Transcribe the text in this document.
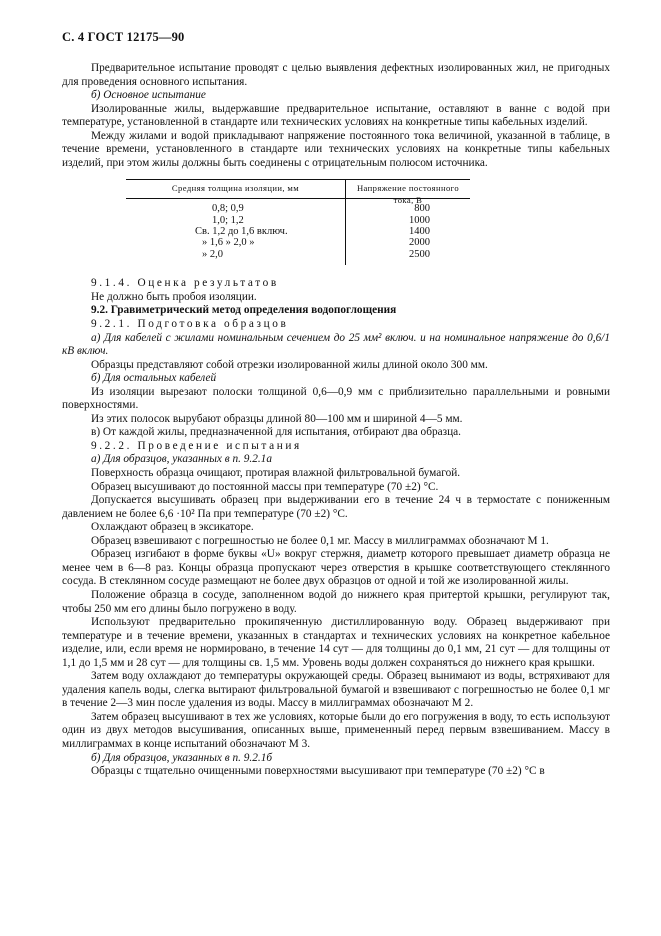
С. 4 ГОСТ 12175—90

Предварительное испытание проводят с целью выявления дефектных изолированных жил, не пригодных для проведения основного испытания.

б) Основное испытание

Изолированные жилы, выдержавшие предварительное испытание, оставляют в ванне с водой при температуре, установленной в стандарте или технических условиях на конкретные типы кабельных изделий.

Между жилами и водой прикладывают напряжение постоянного тока величиной, указанной в таблице, в течение времени, установленного в стандарте или технических условиях на конкретные типы кабельных изделий, при этом жилы должны быть соединены с отрицательным полюсом источника.

Средняя толщина изоляции, мм	Напряжение постоянного тока, В
0,8; 0,9
1,0; 1,2
Св. 1,2 до 1,6 включ.
» 1,6 » 2,0 »
» 2,0
800
1000
1400
2000
2500

9.1.4. Оценка результатов

Не должно быть пробоя изоляции.

9.2. Гравиметрический метод определения водопоглощения

9.2.1. Подготовка образцов

а) Для кабелей с жилами номинальным сечением до 25 мм² включ. и на номинальное напряжение до 0,6/1 кВ включ.

Образцы представляют собой отрезки изолированной жилы длиной около 300 мм.

б) Для остальных кабелей

Из изоляции вырезают полоски толщиной 0,6—0,9 мм с приблизительно параллельными и ровными поверхностями.

Из этих полосок вырубают образцы длиной 80—100 мм и шириной 4—5 мм.

в) От каждой жилы, предназначенной для испытания, отбирают два образца.

9.2.2. Проведение испытания

а) Для образцов, указанных в п. 9.2.1а

Поверхность образца очищают, протирая влажной фильтровальной бумагой.

Образец высушивают до постоянной массы при температуре (70 ±2) °С.

Допускается высушивать образец при выдерживании его в течение 24 ч в термостате с пониженным давлением не более 6,6 ·10² Па при температуре (70 ±2) °С.

Охлаждают образец в эксикаторе.

Образец взвешивают с погрешностью не более 0,1 мг. Массу в миллиграммах обозначают М 1.

Образец изгибают в форме буквы «U» вокруг стержня, диаметр которого превышает диаметр образца не менее чем в 6—8 раз. Концы образца пропускают через отверстия в крышке соответствующего стеклянного сосуда. В стеклянном сосуде размещают не более двух образцов от одной и той же изолированной жилы.

Положение образца в сосуде, заполненном водой до нижнего края притертой крышки, регулируют так, чтобы 250 мм его длины было погружено в воду.

Используют предварительно прокипяченную дистиллированную воду. Образец выдерживают при температуре и в течение времени, указанных в стандартах и технических условиях на конкретное кабельное изделие, или, если время не нормировано, в течение 14 сут — для толщины до 0,1 мм, 21 сут — для толщины от 1,1 до 1,5 мм и 28 сут — для толщины св. 1,5 мм. Уровень воды должен сохраняться до нижнего края крышки.

Затем воду охлаждают до температуры окружающей среды. Образец вынимают из воды, встряхивают для удаления капель воды, слегка вытирают фильтровальной бумагой и взвешивают с погрешностью не более 0,1 мг в течение 2—3 мин после удаления из воды. Массу в миллиграммах обозначают М 2.

Затем образец высушивают в тех же условиях, которые были до его погружения в воду, то есть используют один из двух методов высушивания, описанных выше, примененный перед первым взвешиванием. Массу в миллиграммах в конце испытаний обозначают М 3.

б) Для образцов, указанных в п. 9.2.1б

Образцы с тщательно очищенными поверхностями высушивают при температуре (70 ±2) °С в
